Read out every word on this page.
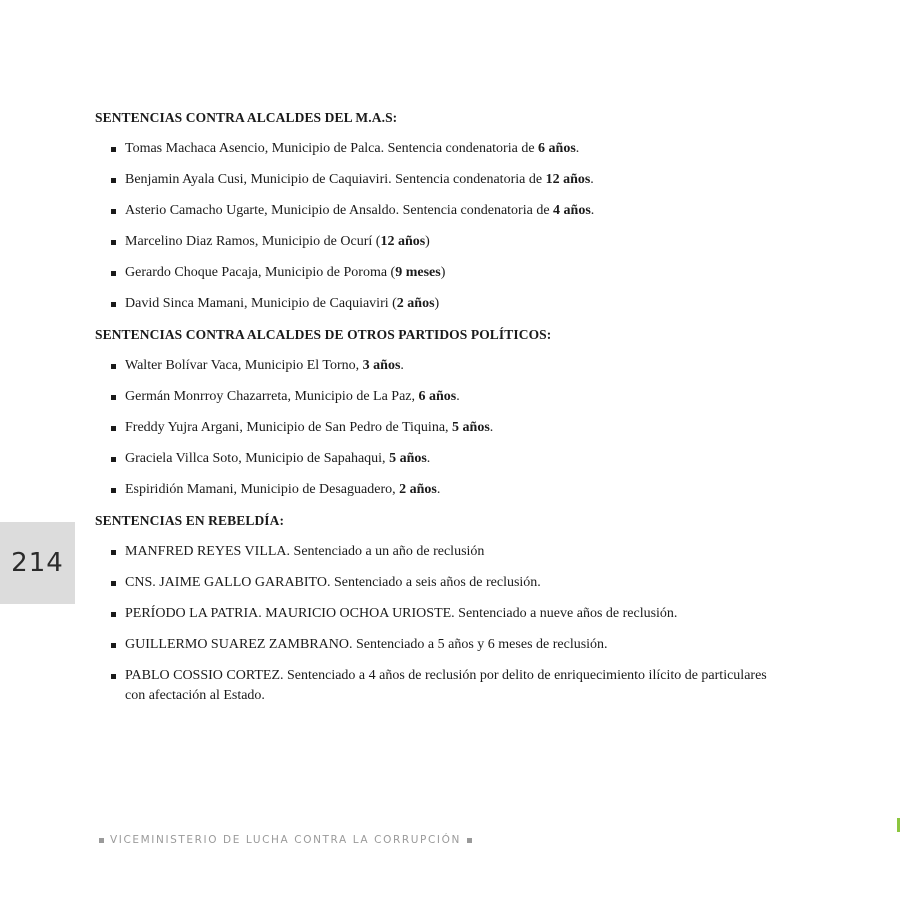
SENTENCIAS CONTRA ALCALDES DEL M.A.S:
Tomas Machaca Asencio, Municipio de Palca. Sentencia condenatoria de 6 años.
Benjamin Ayala Cusi, Municipio de Caquiaviri. Sentencia condenatoria de 12 años.
Asterio Camacho Ugarte, Municipio de Ansaldo. Sentencia condenatoria de 4 años.
Marcelino Diaz Ramos, Municipio de Ocurí (12 años)
Gerardo Choque Pacaja, Municipio de Poroma (9 meses)
David Sinca Mamani, Municipio de Caquiaviri (2 años)
SENTENCIAS CONTRA ALCALDES DE OTROS PARTIDOS POLÍTICOS:
Walter Bolívar Vaca, Municipio El Torno, 3 años.
Germán Monrroy Chazarreta, Municipio de La Paz, 6 años.
Freddy Yujra Argani, Municipio de San Pedro de Tiquina, 5 años.
Graciela Villca Soto, Municipio de Sapahaqui, 5 años.
Espiridión Mamani, Municipio de Desaguadero, 2 años.
SENTENCIAS EN REBELDÍA:
MANFRED REYES VILLA. Sentenciado a un año de reclusión
CNS. JAIME GALLO GARABITO. Sentenciado a seis años de reclusión.
PERÍODO LA PATRIA. MAURICIO OCHOA URIOSTE. Sentenciado a nueve años de reclusión.
GUILLERMO SUAREZ ZAMBRANO. Sentenciado a 5 años y 6 meses de reclusión.
PABLO COSSIO CORTEZ. Sentenciado a 4 años de reclusión por delito de enriquecimiento ilícito de particulares con afectación al Estado.
214
VICEMINISTERIO DE LUCHA CONTRA LA CORRUPCIÓN
